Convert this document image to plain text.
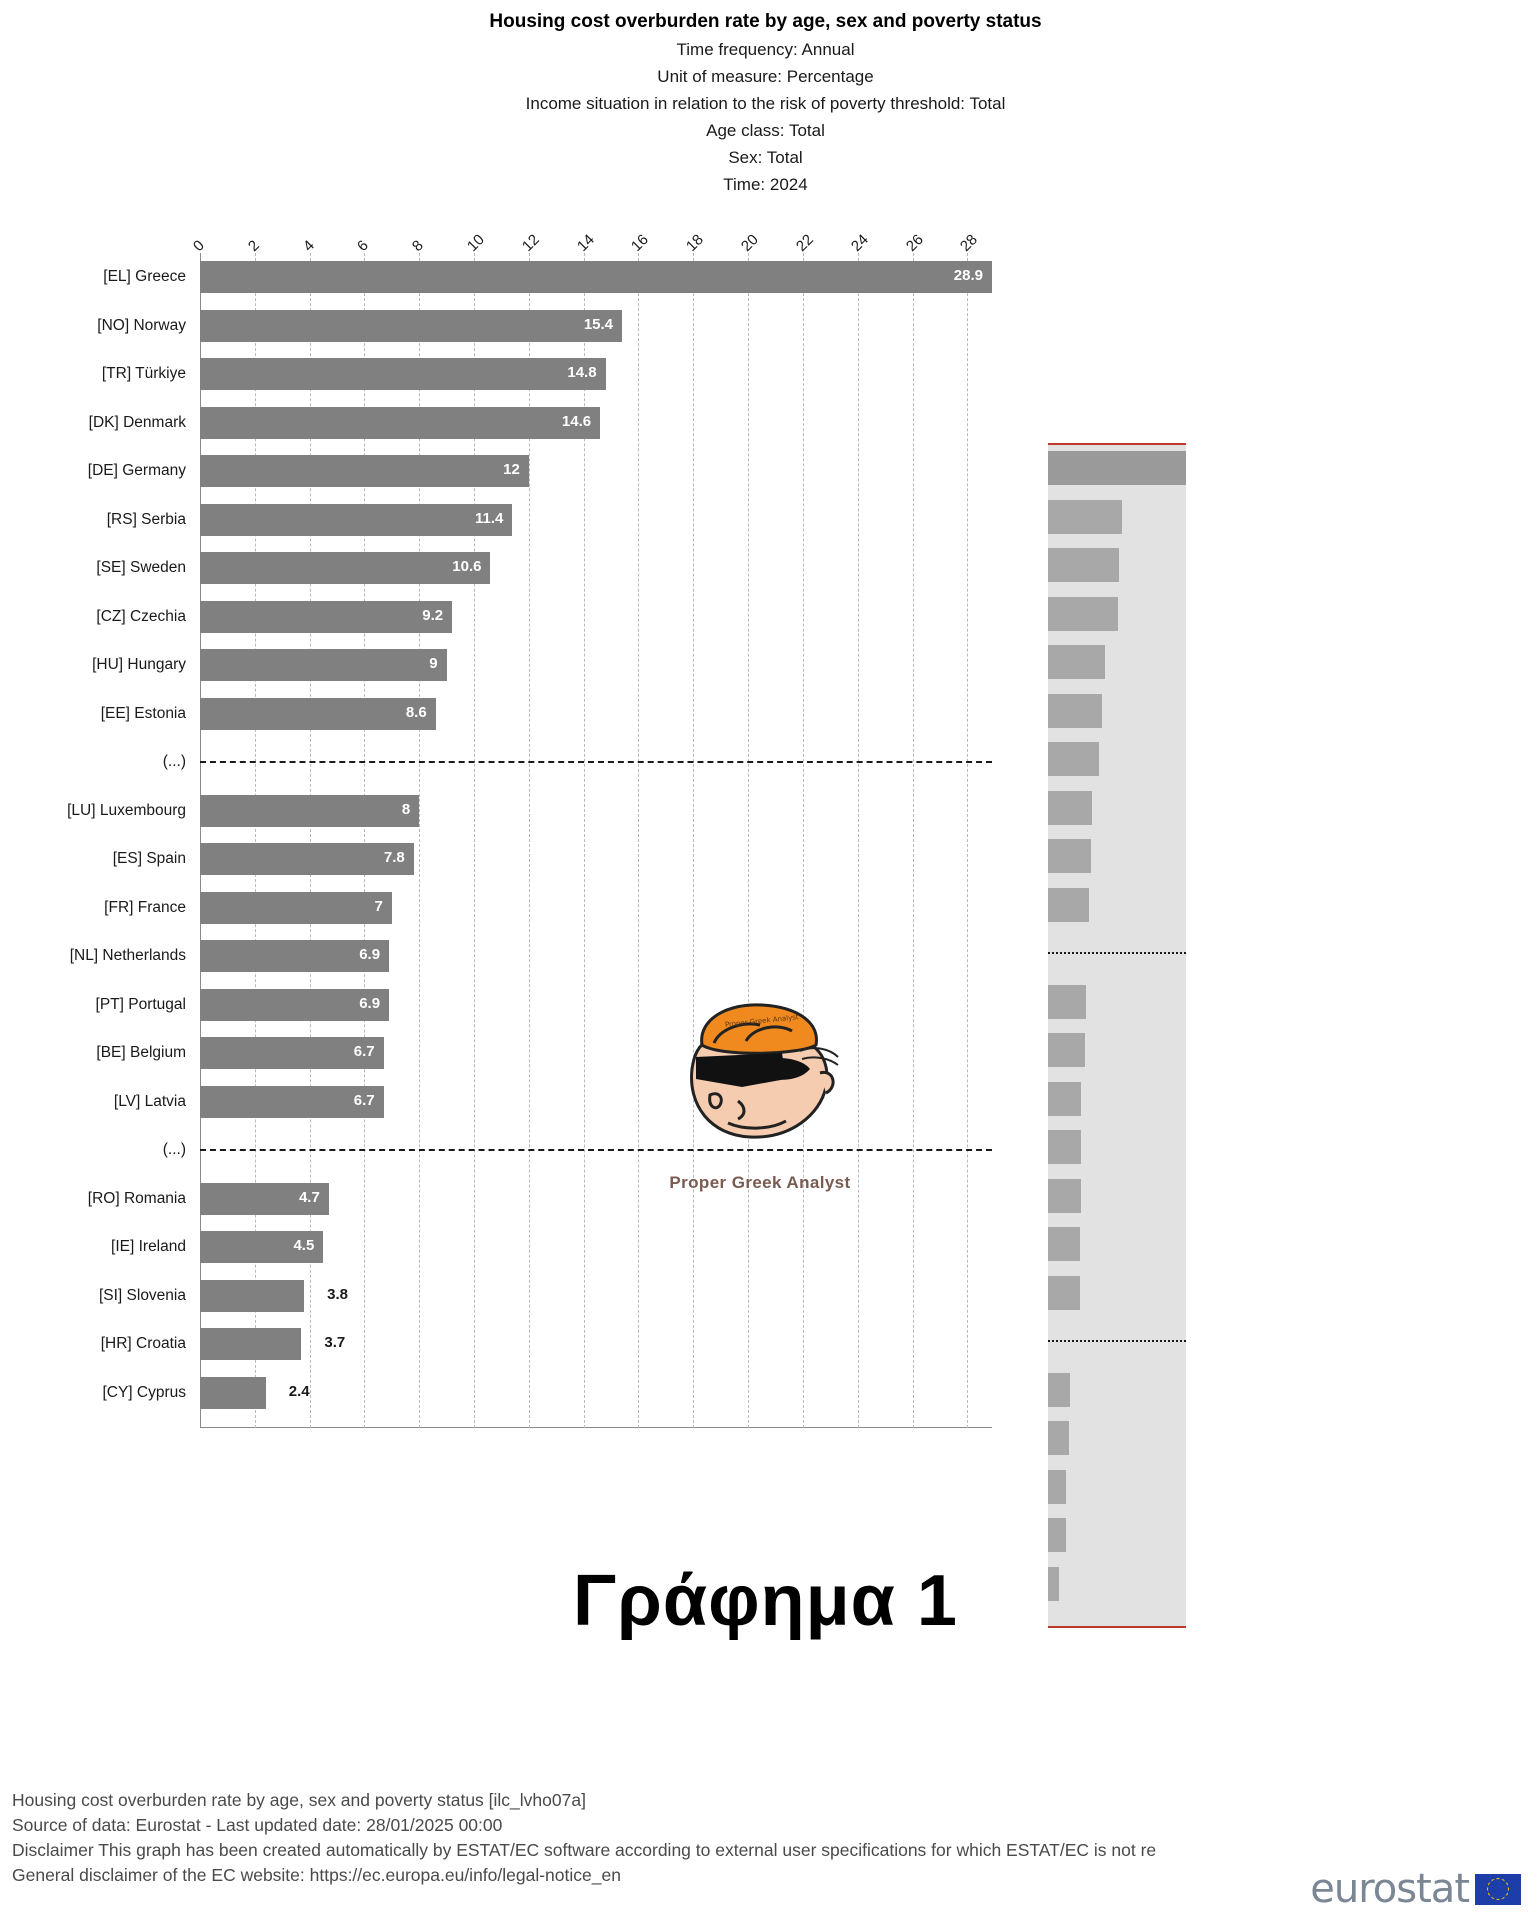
Housing cost overburden rate by age, sex and poverty status
Time frequency: Annual
Unit of measure: Percentage
Income situation in relation to the risk of poverty threshold: Total
Age class: Total
Sex: Total
Time: 2024
0 2 4 6 8 10 12 14 16 18 20 22 24 26 28
28.9
15.4
14.8
14.6
12
11.4
10.6
9.2
9
8.6
8
7.8
7
6.9
6.9
6.7
6.7
4.7
4.5
3.8
3.7
2.4
[EL] Greece
[NO] Norway
[TR] Türkiye
[DK] Denmark
[DE] Germany
[RS] Serbia
[SE] Sweden
[CZ] Czechia
[HU] Hungary
[EE] Estonia
(...)
[LU] Luxembourg
[ES] Spain
[FR] France
[NL] Netherlands
[PT] Portugal
[BE] Belgium
[LV] Latvia
(...)
[RO] Romania
[IE] Ireland
[SI] Slovenia
[HR] Croatia
[CY] Cyprus
Proper Greek Analyst
Proper Greek Analyst
Γράφημα 1
Housing cost overburden rate by age, sex and poverty status [ilc_lvho07a]
Source of data: Eurostat - Last updated date: 28/01/2025 00:00
Disclaimer This graph has been created automatically by ESTAT/EC software according to external user specifications for which ESTAT/EC is not re
General disclaimer of the EC website: https://ec.europa.eu/info/legal-notice_en	eurostat
